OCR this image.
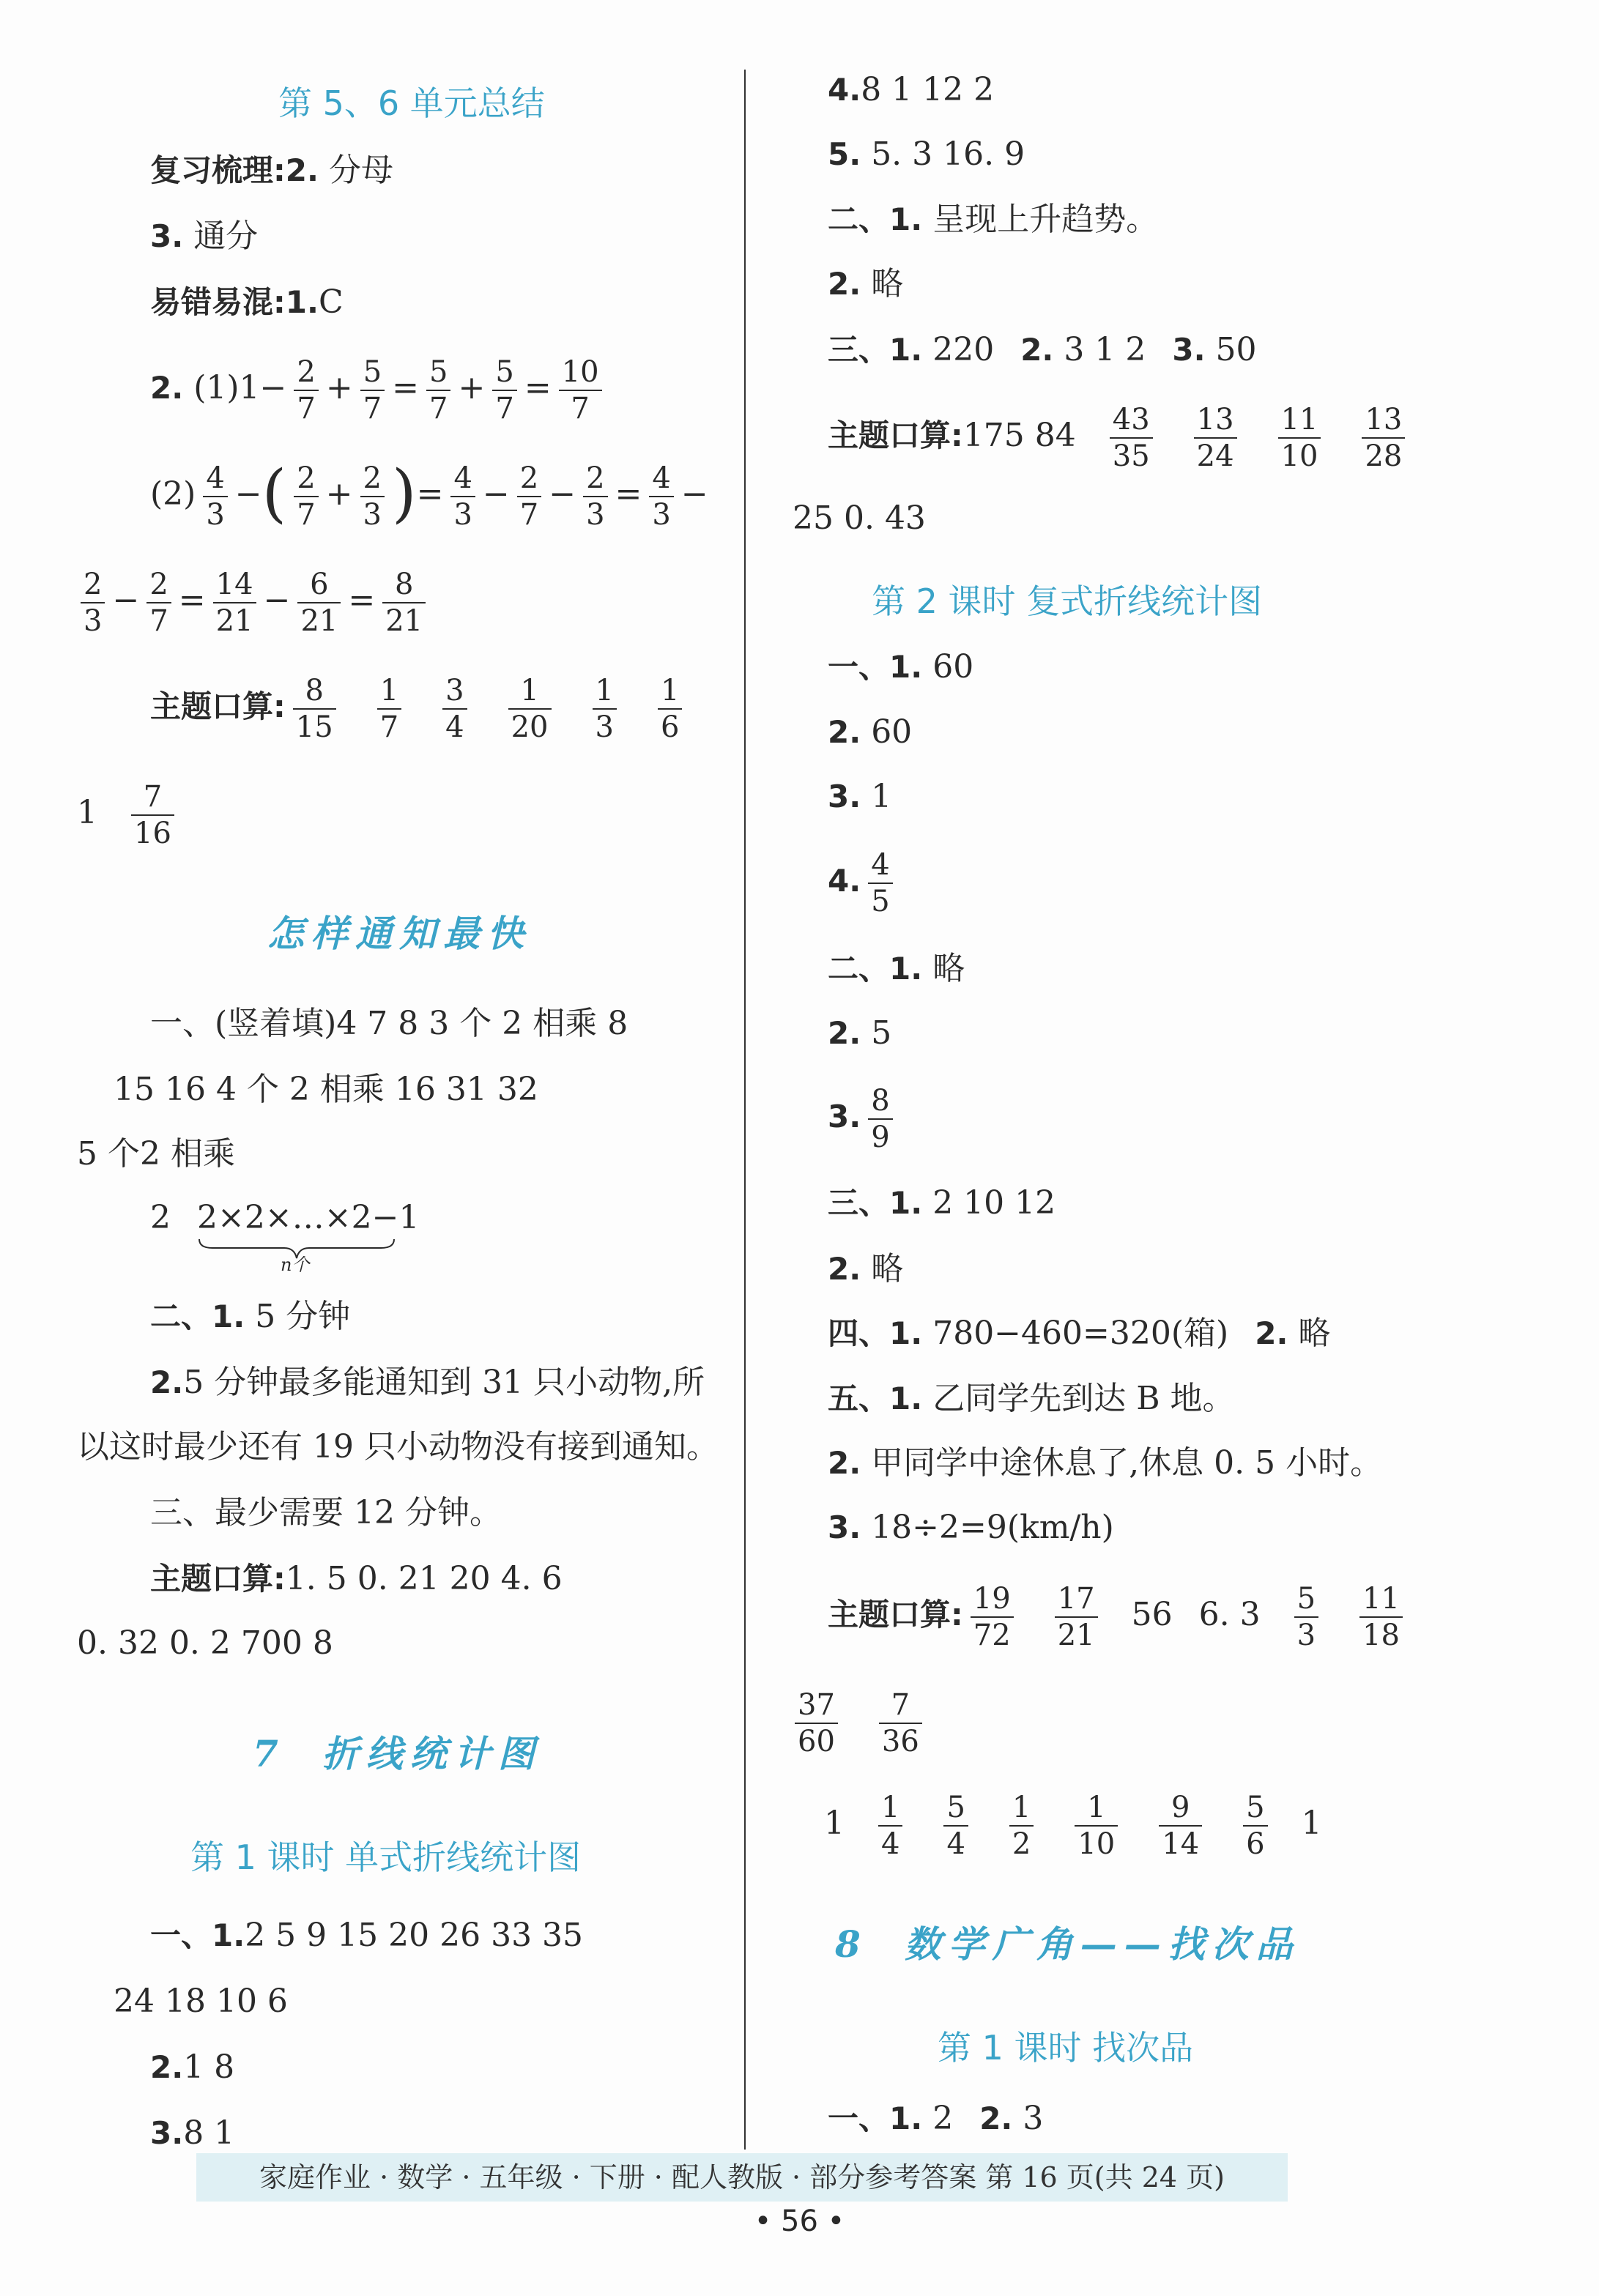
第 5、6 单元总结
复习梳理:2. 分母
3. 通分
易错易混:1.C
2. $(1)1- \frac{2}{7} + \frac{5}{7} = \frac{5}{7} + \frac{5}{7} = \frac{10}{7}$
$(2) \frac{4}{3}$ −( $\frac{2}{7} + \frac{2}{3}$ )= $\frac{4}{3} - \frac{2}{7} - \frac{2}{3} = \frac{4}{3}$ −
$\frac{2}{3} - \frac{2}{7} = \frac{14}{21} - \frac{6}{21} = \frac{8}{21}$
主题口算: $\frac{8}{15} \frac{1}{7} \frac{3}{4} \frac{1}{20} \frac{1}{3} \frac{1}{6}$
$1 \frac{7}{16}$
怎样通知最快
一、(竖着填)4 7 8 3 个 2 相乘 8
15 16 4 个 2 相乘 16 31 32
5 个2 相乘
2 2×2×…×2−1
n个
二、1. 5 分钟
2.5 分钟最多能通知到 31 只小动物,所
以这时最少还有 19 只小动物没有接到通知。
三、最少需要 12 分钟。
主题口算:1. 5 0. 21 20 4. 6
0. 32 0. 2 700 8
7 折线统计图
第 1 课时 单式折线统计图
一、1.2 5 9 15 20 26 33 35
24 18 10 6
2.1 8
3.8 1
4.8 1 12 2
5. 5. 3 16. 9
二、1. 呈现上升趋势。
2. 略
三、1. 220 2. 3 1 2 3. 50
主题口算:175 $84 \frac{43}{35} \frac{13}{24} \frac{11}{10} \frac{13}{28}$
25 0. 43
第 2 课时 复式折线统计图
一、1. 60
2. 60
3. 1
4. $\frac{4}{5}$
二、1. 略
2. 5
3. $\frac{8}{9}$
三、1. 2 10 12
2. 略
四、1. 780−460=320(箱) 2. 略
五、1. 乙同学先到达 B 地。
2. 甲同学中途休息了,休息 0. 5 小时。
3. 18÷2=9(km/h)
主题口算: $\frac{19}{72} \frac{17}{21} 56$ 6. $3 \frac{5}{3} \frac{11}{18}$
$\frac{37}{60} \frac{7}{36}$
$1 \frac{1}{4} \frac{5}{4} \frac{1}{2} \frac{1}{10} \frac{9}{14} \frac{5}{6} 1$
8 数学广角——找次品
第 1 课时 找次品
一、1. 2 2. 3
家庭作业 · 数学 · 五年级 · 下册 · 配人教版 · 部分参考答案 第 16 页(共 24 页)
• 56 •
